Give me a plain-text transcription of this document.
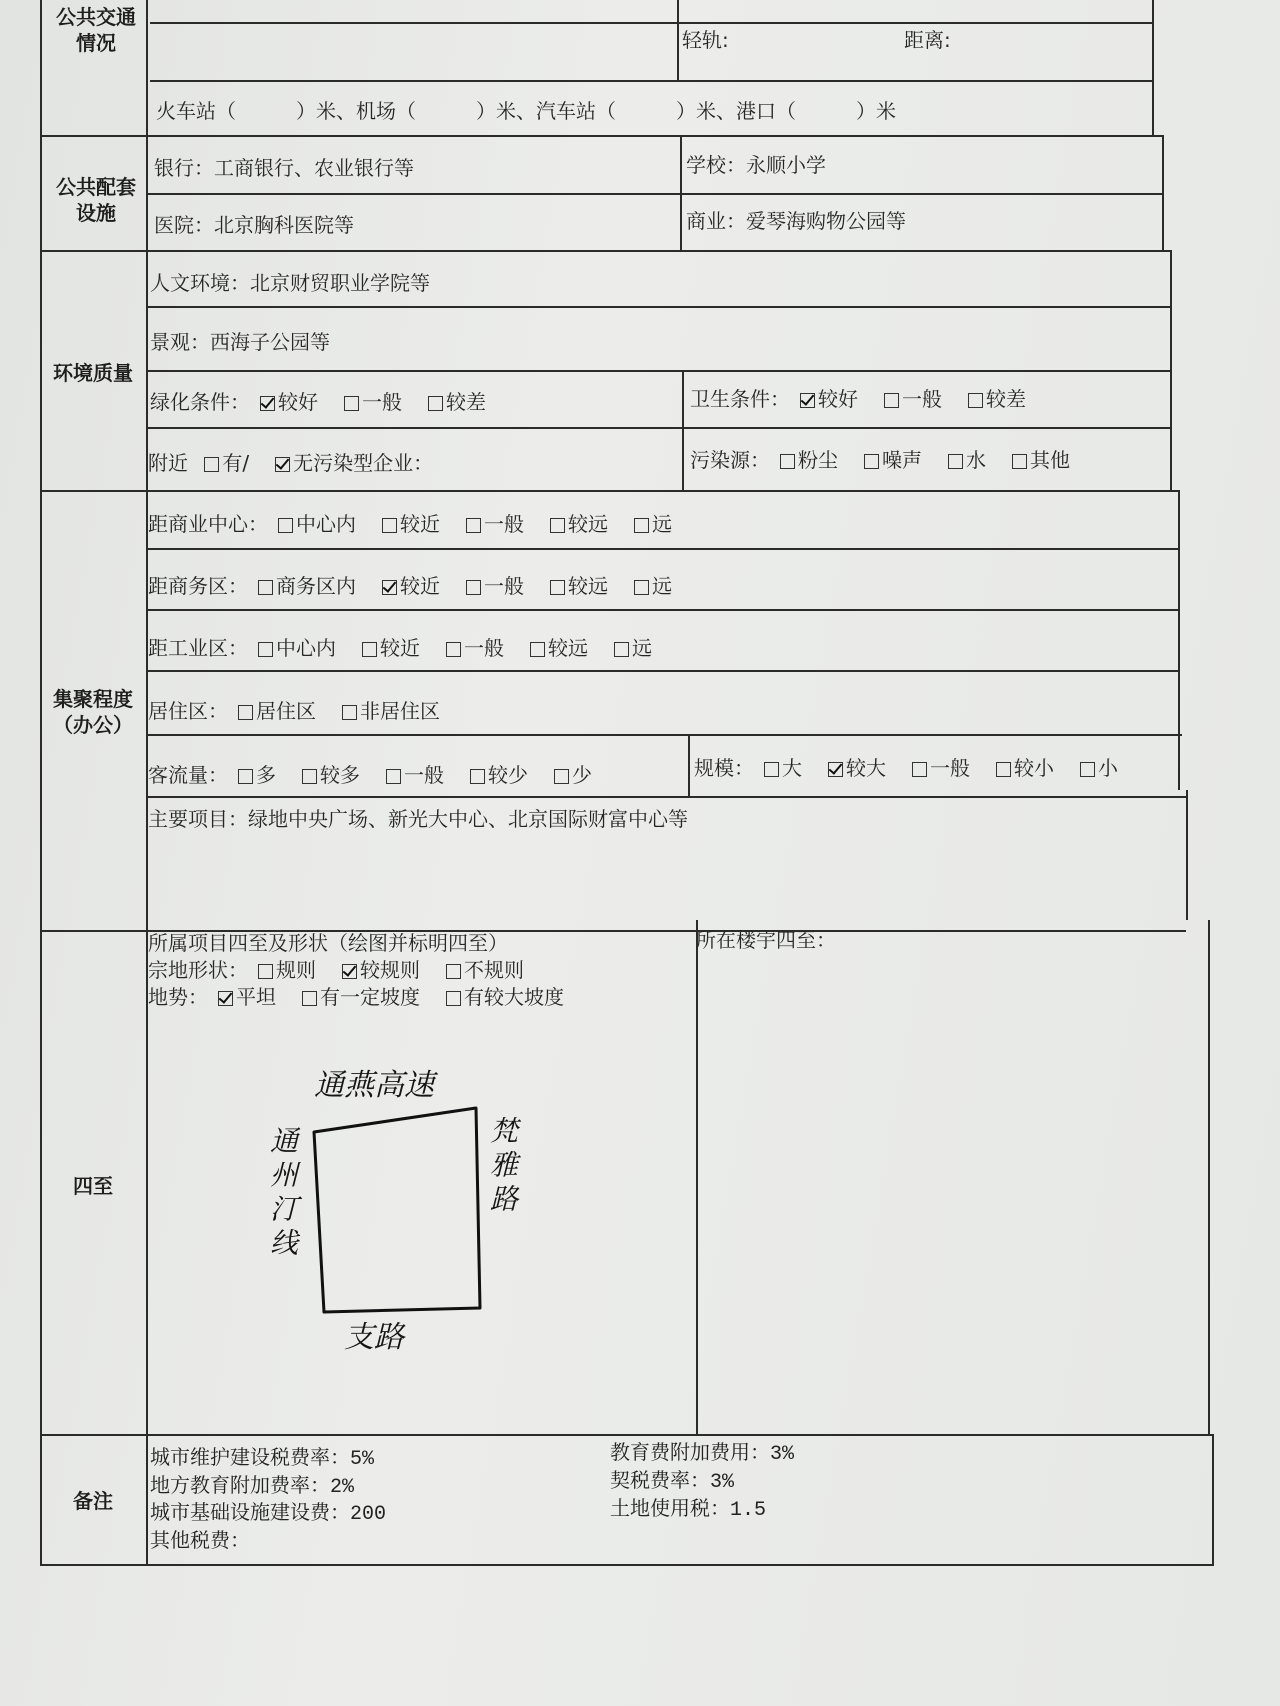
公共交通
情况	轻轨:	距离:
火车站（　　　）米、机场（　　　）米、汽车站（　　　）米、港口（　　　）米
公共配套
设施
银行：工商银行、农业银行等	学校：永顺小学
医院：北京胸科医院等	商业：爱琴海购物公园等
环境质量
人文环境：北京财贸职业学院等
景观：西海子公园等
绿化条件： 较好 一般 较差	卫生条件： 较好 一般 较差
附近 有/ 无污染型企业：	污染源： 粉尘 噪声 水 其他
集聚程度
（办公）
距商业中心： 中心内 较近 一般 较远 远
距商务区： 商务区内 较近 一般 较远 远
距工业区： 中心内 较近 一般 较远 远
居住区： 居住区 非居住区
客流量： 多 较多 一般 较少 少	规模： 大 较大 一般 较小 小
主要项目：绿地中央广场、新光大中心、北京国际财富中心等
四至
所属项目四至及形状（绘图并标明四至）
宗地形状： 规则 较规则 不规则
地势： 平坦 有一定坡度 有较大坡度
所在楼宇四至：
通燕高速
通州汀线	梵雅路
支路
备注
城市维护建设税费率：5%
地方教育附加费率：2%
城市基础设施建设费：200
其他税费：
教育费附加费用：3%
契税费率：3%
土地使用税：1.5
